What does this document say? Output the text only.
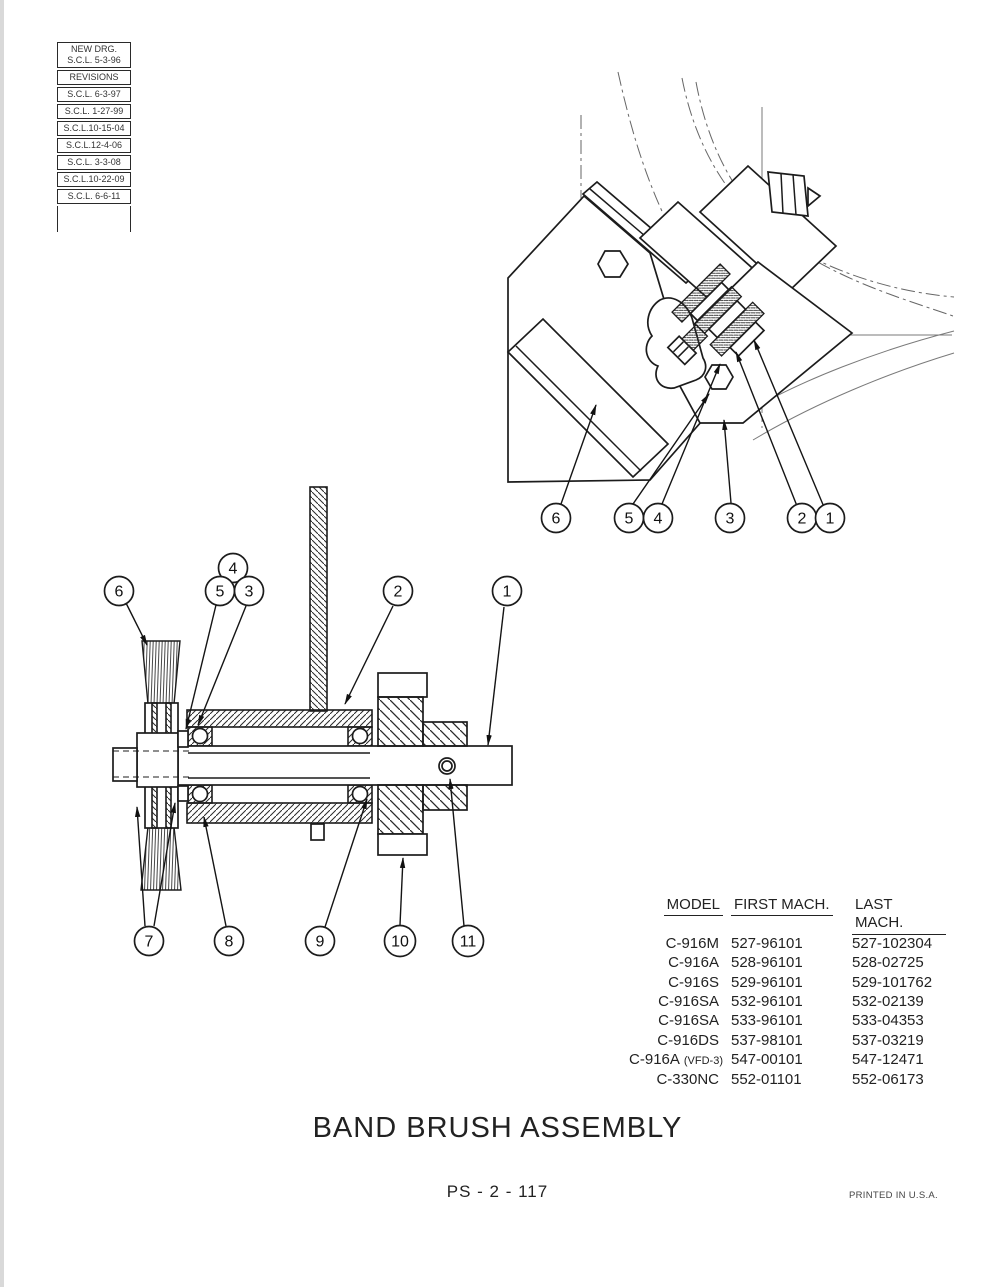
NEW DRG.
S.C.L. 5-3-96
REVISIONS
S.C.L. 6-3-97
S.C.L. 1-27-99
S.C.L.10-15-04
S.C.L.12-4-06
S.C.L. 3-3-08
S.C.L.10-22-09
S.C.L. 6-6-11
MODEL FIRST MACH.	LAST MACH.
C-916M 527-96101	527-102304
C-916A 528-96101	528-02725
C-916S 529-96101	529-101762
C-916SA 532-96101	532-02139
C-916SA 533-96101	533-04353
C-916DS 537-98101	537-03219
C-916A (VFD-3) 547-00101	547-12471
C-330NC 552-01101	552-06173
BAND BRUSH ASSEMBLY
PS - 2 - 117	PRINTED IN U.S.A.
6	5 4	3	2 1
6
4
5 3	2	1
7	8	9	10	11
